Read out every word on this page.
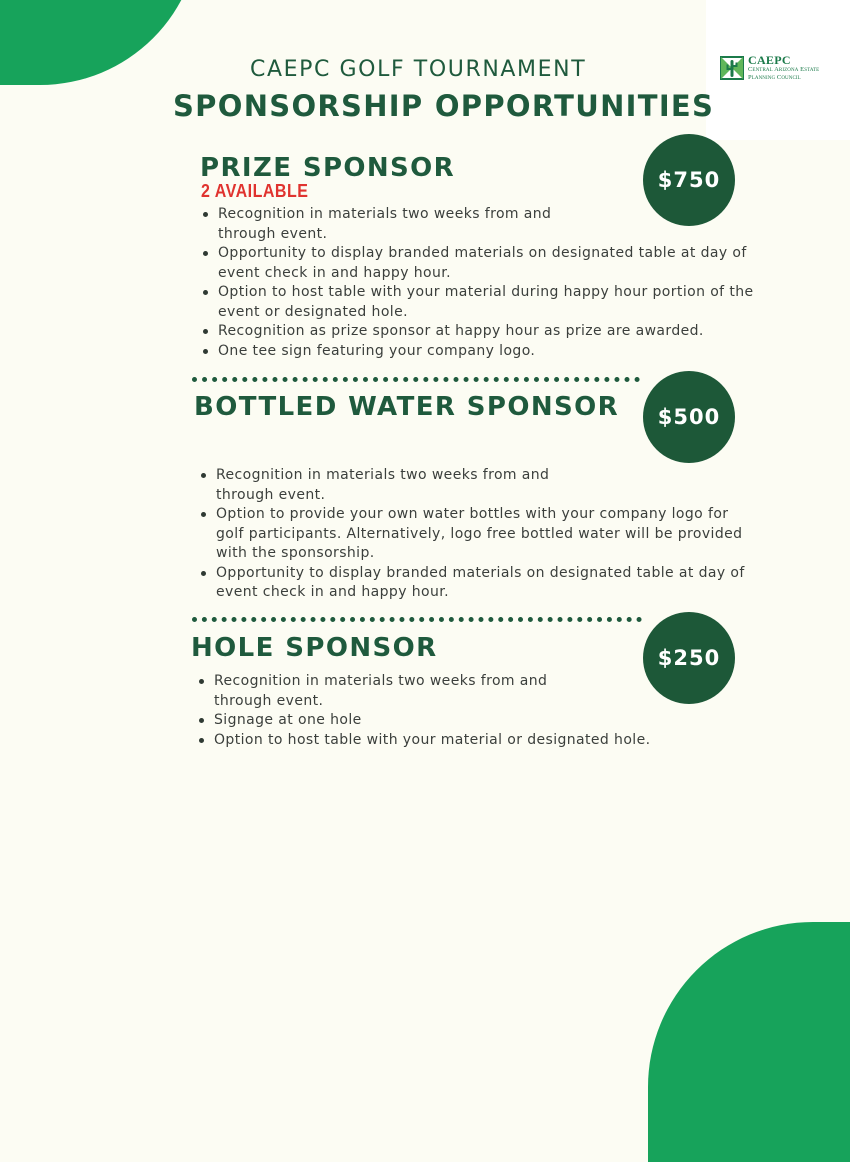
CAEPC
Central Arizona Estate Planning Council
CAEPC GOLF TOURNAMENT
SPONSORSHIP OPPORTUNITIES
PRIZE SPONSOR
2 AVAILABLE	$750
Recognition in materials two weeks from and through event.
Opportunity to display branded materials on designated table at day of event check in and happy hour.
Option to host table with your material during happy hour portion of the event or designated hole.
Recognition as prize sponsor at happy hour as prize are awarded.
One tee sign featuring your company logo.
BOTTLED WATER SPONSOR	$500
Recognition in materials two weeks from and through event.
Option to provide your own water bottles with your company logo for golf participants. Alternatively, logo free bottled water will be provided with the sponsorship.
Opportunity to display branded materials on designated table at day of event check in and happy hour.
HOLE SPONSOR	$250
Recognition in materials two weeks from and through event.
Signage at one hole
Option to host table with your material or designated hole.
